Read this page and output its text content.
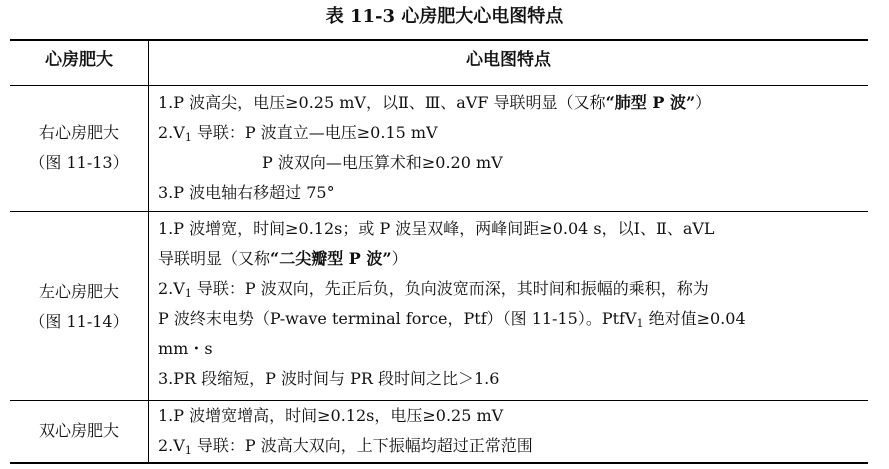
表 11-3 心房肥大心电图特点
心房肥大	心电图特点
右心房肥大
（图 11-13）
1.P 波高尖，电压≥0.25 mV，以Ⅱ、Ⅲ、aVF 导联明显（又称“肺型 P 波”）
$2.V_1$ 导联：P 波直立—电压≥0.15 mV
P 波双向—电压算术和≥0.20 mV
3.P 波电轴右移超过 75°
左心房肥大
（图 11-14）
1.P 波增宽，时间≥0.12s；或 P 波呈双峰，两峰间距≥0.04 s，以Ⅰ、Ⅱ、aVL
导联明显（又称“二尖瓣型 P 波”）
$2.V_1$ 导联：P 波双向，先正后负，负向波宽而深，其时间和振幅的乘积，称为
P 波终末电势（P-wave terminal force，Ptf）（图 11-15）。PtfV$_1$ 绝对值≥0.04
mm・s
3.PR 段缩短，P 波时间与 PR 段时间之比＞1.6
双心房肥大
1.P 波增宽增高，时间≥0.12s，电压≥0.25 mV
$2.V_1$ 导联：P 波高大双向，上下振幅均超过正常范围
